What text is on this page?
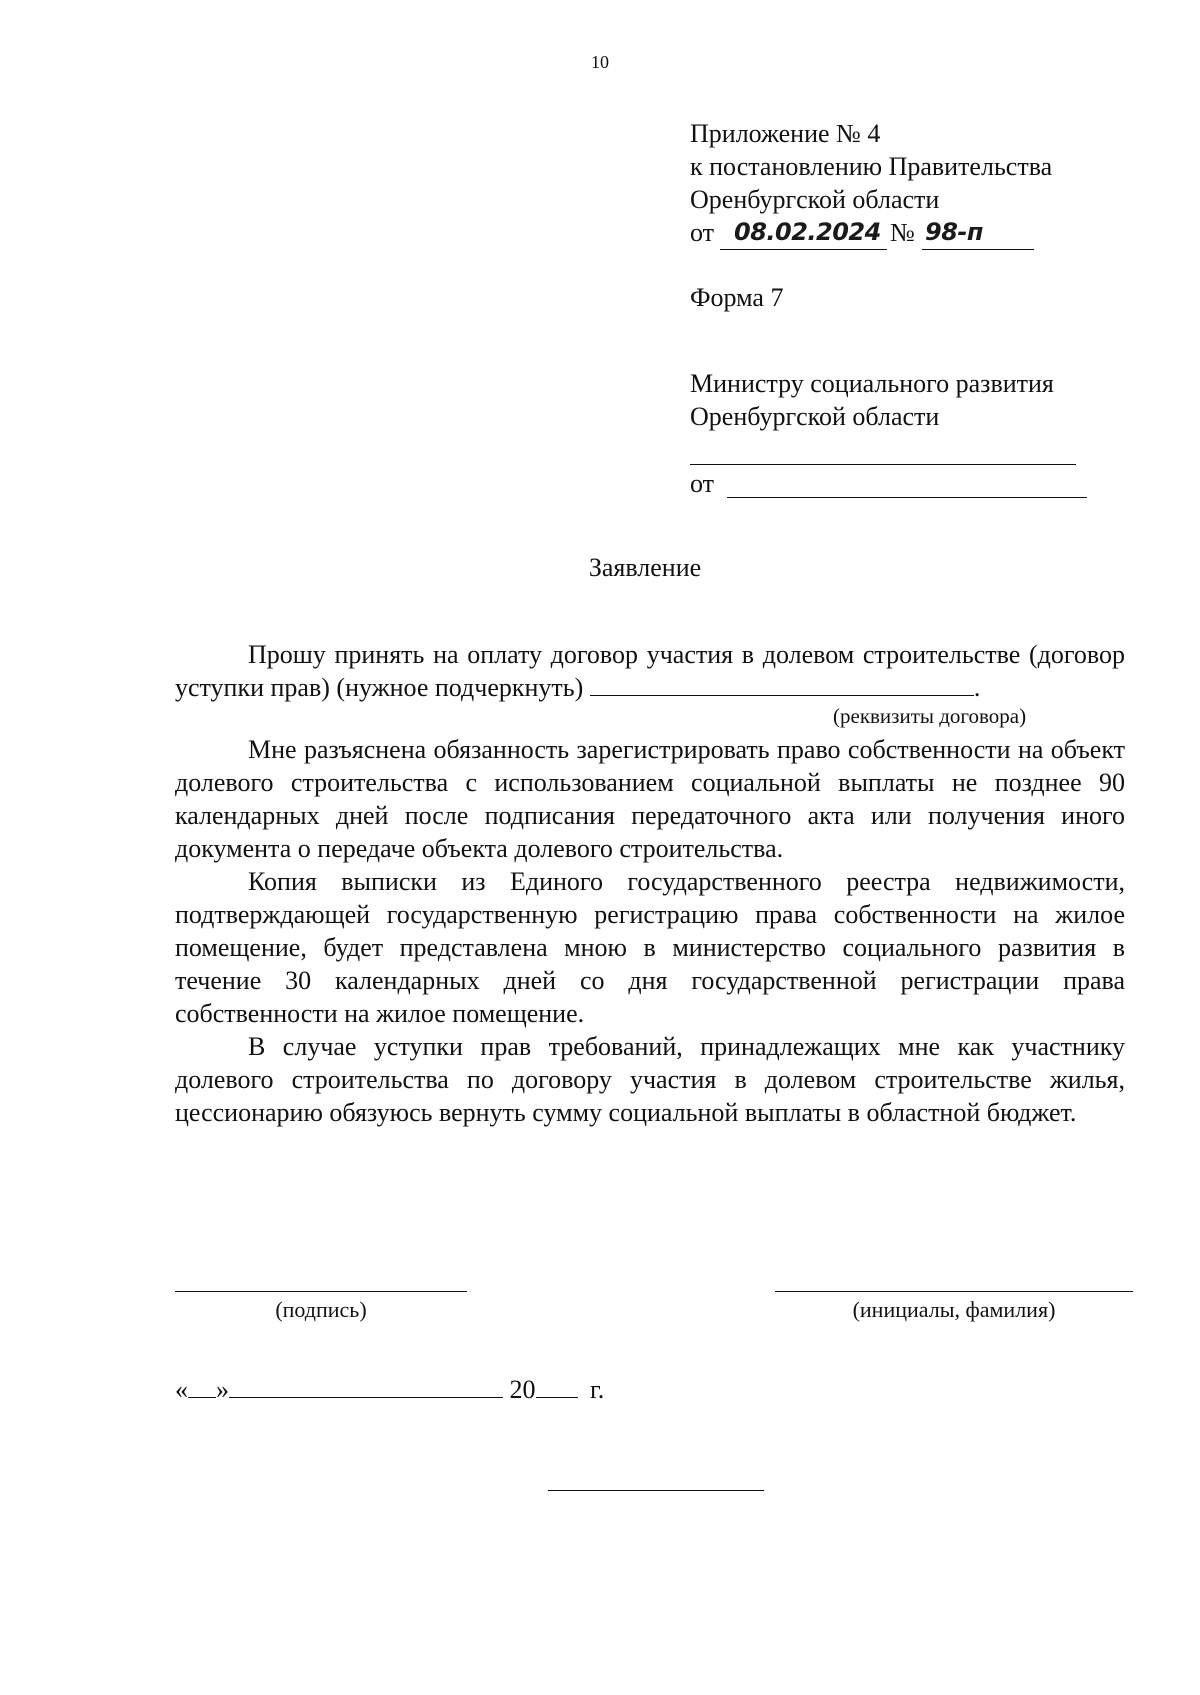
10
Приложение № 4
к постановлению Правительства
Оренбургской области
от 08.02.2024 № 98-п
Форма 7
Министру социального развития
Оренбургской области
от
Заявление

Прошу принять на оплату договор участия в долевом строительстве (договор уступки прав) (нужное подчеркнуть)	.

(реквизиты договора)

Мне разъяснена обязанность зарегистрировать право собственности на объект долевого строительства с использованием социальной выплаты не позднее 90 календарных дней после подписания передаточного акта или получения иного документа о передаче объекта долевого строительства.

Копия выписки из Единого государственного реестра недвижимости, подтверждающей государственную регистрацию права собственности на жилое помещение, будет представлена мною в министерство социального развития в течение 30 календарных дней со дня государственной регистрации права собственности на жилое помещение.

В случае уступки прав требований, принадлежащих мне как участнику долевого строительства по договору участия в долевом строительстве жилья, цессионарию обязуюсь вернуть сумму социальной выплаты в областной бюджет.

(подпись)	(инициалы, фамилия)
« »	20 г.
